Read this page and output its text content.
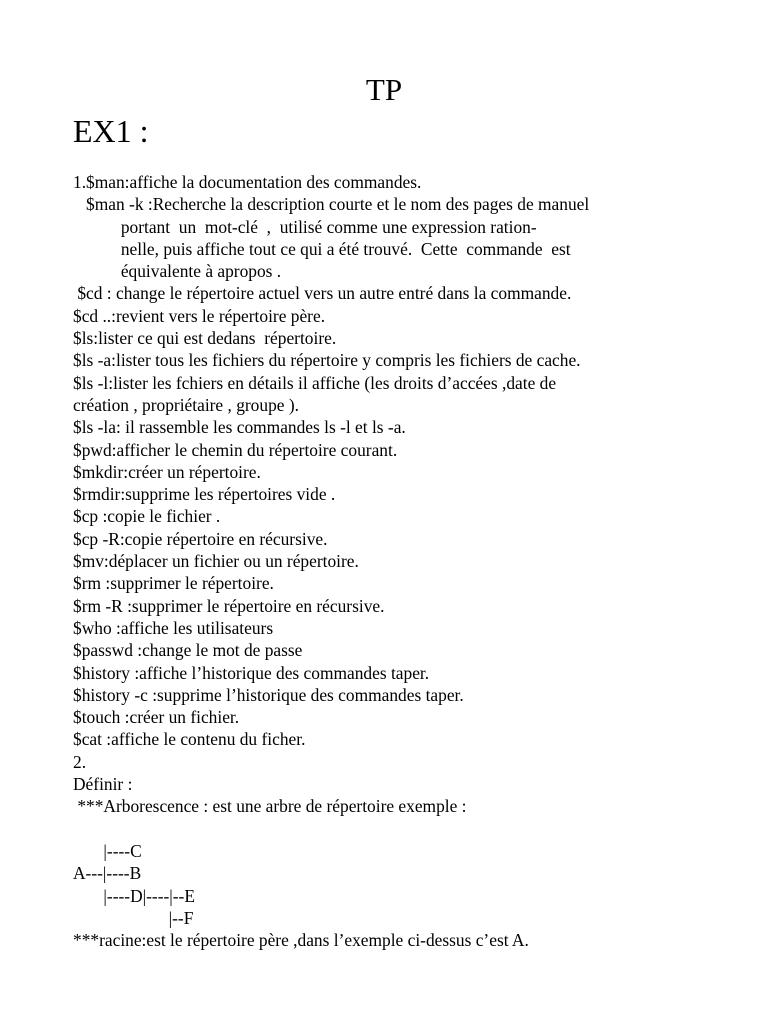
TP
EX1 :
1.$man:affiche la documentation des commandes.
$man -k :Recherche la description courte et le nom des pages de manuel
portant  un  mot-clé  ,  utilisé comme une expression ration-
nelle, puis affiche tout ce qui a été trouvé.  Cette  commande  est
équivalente à apropos .
$cd : change le répertoire actuel vers un autre entré dans la commande.
$cd ..:revient vers le répertoire père.
$ls:lister ce qui est dedans  répertoire.
$ls -a:lister tous les fichiers du répertoire y compris les fichiers de cache.
$ls -l:lister les fchiers en détails il affiche (les droits d’accées ,date de
création , propriétaire , groupe ).
$ls -la: il rassemble les commandes ls -l et ls -a.
$pwd:afficher le chemin du répertoire courant.
$mkdir:créer un répertoire.
$rmdir:supprime les répertoires vide .
$cp :copie le fichier .
$cp -R:copie répertoire en récursive.
$mv:déplacer un fichier ou un répertoire.
$rm :supprimer le répertoire.
$rm -R :supprimer le répertoire en récursive.
$who :affiche les utilisateurs
$passwd :change le mot de passe
$history :affiche l’historique des commandes taper.
$history -c :supprime l’historique des commandes taper.
$touch :créer un fichier.
$cat :affiche le contenu du ficher.
2.
Définir :
***Arborescence : est une arbre de répertoire exemple :
|----C
A---|----B
|----D|----|--E
|--F
***racine:est le répertoire père ,dans l’exemple ci-dessus c’est A.
